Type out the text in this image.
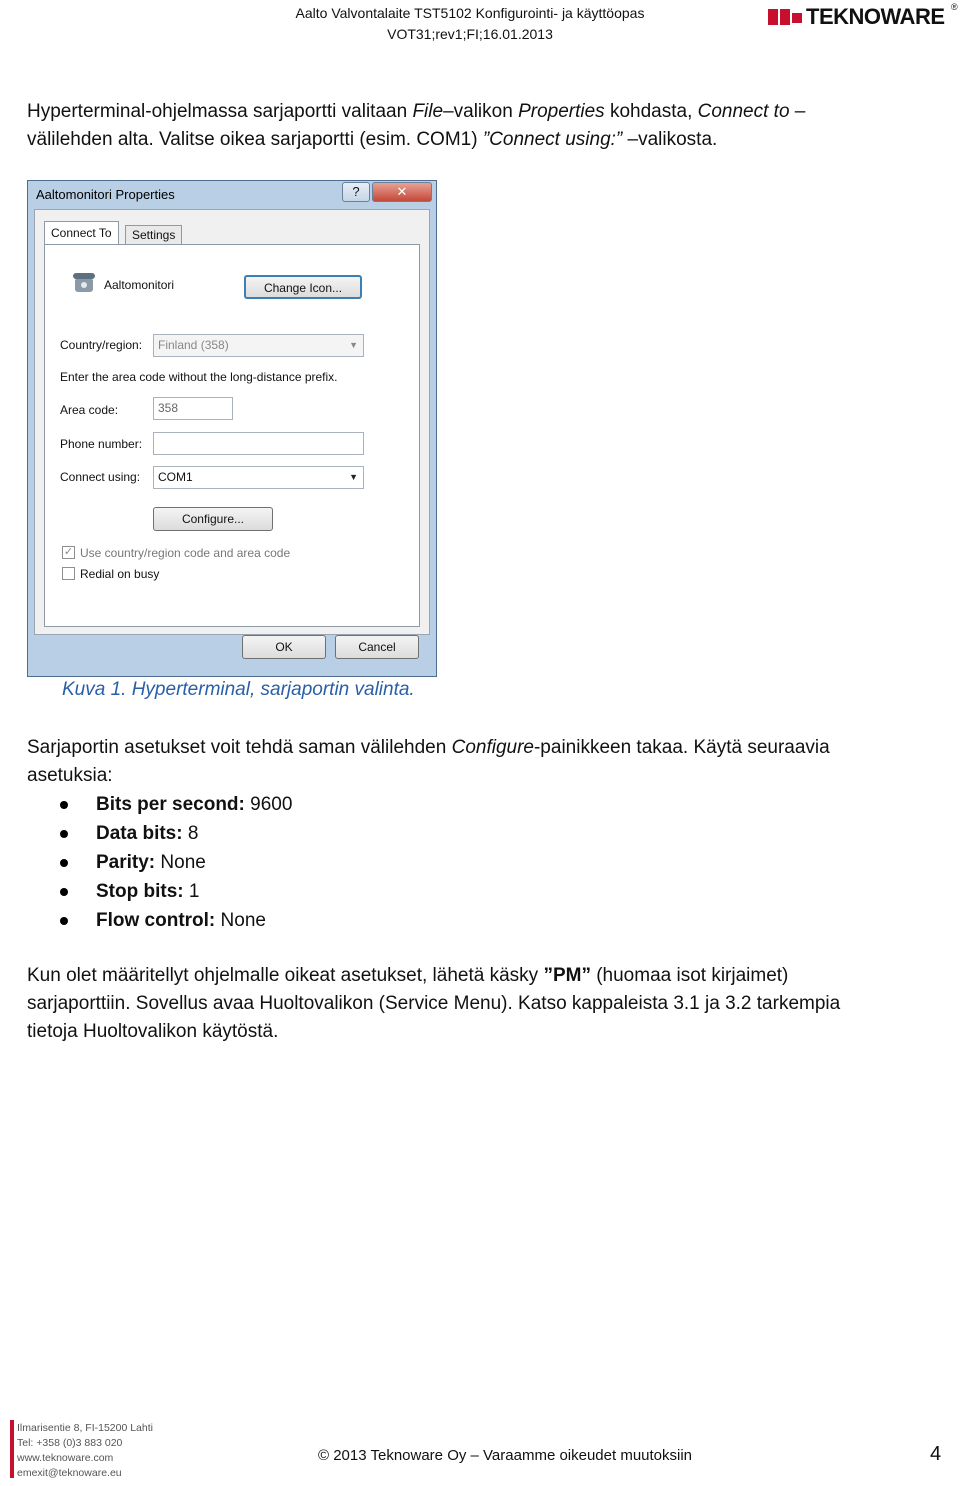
Aalto Valvontalaite TST5102 Konfigurointi- ja käyttöopas
VOT31;rev1;FI;16.01.2013
TEKNOWARE ®
Hyperterminal-ohjelmassa sarjaportti valitaan File–valikon Properties kohdasta, Connect to –
välilehden alta. Valitse oikea sarjaportti (esim. COM1) ”Connect using:” –valikosta.
Aaltomonitori Properties	?	✕
Connect To	Settings
Aaltomonitori	Change Icon...
Country/region:	Finland (358)	▼
Enter the area code without the long-distance prefix.
Area code:	358
Phone number:
Connect using:	COM1	▼
Configure...
✓ Use country/region code and area code
Redial on busy
OK	Cancel
Kuva 1. Hyperterminal, sarjaportin valinta.
Sarjaportin asetukset voit tehdä saman välilehden Configure-painikkeen takaa. Käytä seuraavia
asetuksia:
Bits per second: 9600
Data bits: 8
Parity: None
Stop bits: 1
Flow control: None
Kun olet määritellyt ohjelmalle oikeat asetukset, lähetä käsky ”PM” (huomaa isot kirjaimet)
sarjaporttiin. Sovellus avaa Huoltovalikon (Service Menu). Katso kappaleista 3.1 ja 3.2 tarkempia
tietoja Huoltovalikon käytöstä.
Ilmarisentie 8, FI-15200 Lahti
Tel: +358 (0)3 883 020
www.teknoware.com
emexit@teknoware.eu
© 2013 Teknoware Oy – Varaamme oikeudet muutoksiin	4
